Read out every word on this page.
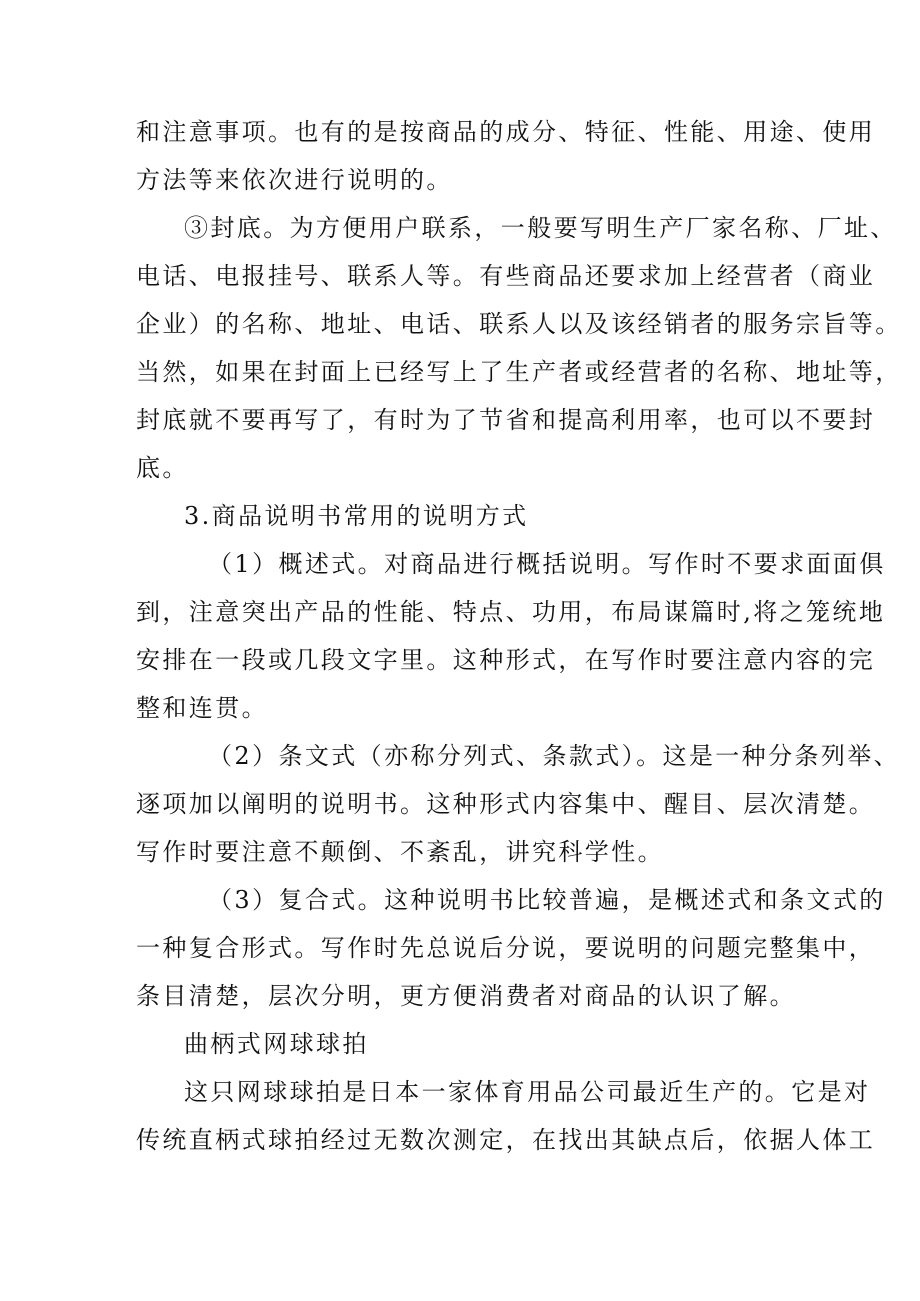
和注意事项。也有的是按商品的成分、特征、性能、用途、使用
方法等来依次进行说明的。
③封底。为方便用户联系，一般要写明生产厂家名称、厂址、
电话、电报挂号、联系人等。有些商品还要求加上经营者（商业
企业）的名称、地址、电话、联系人以及该经销者的服务宗旨等。
当然，如果在封面上已经写上了生产者或经营者的名称、地址等，
封底就不要再写了，有时为了节省和提高利用率，也可以不要封
底。
3.商品说明书常用的说明方式
（1）概述式。对商品进行概括说明。写作时不要求面面俱
到，注意突出产品的性能、特点、功用，布局谋篇时,将之笼统地
安排在一段或几段文字里。这种形式，在写作时要注意内容的完
整和连贯。
（2）条文式（亦称分列式、条款式）。这是一种分条列举、
逐项加以阐明的说明书。这种形式内容集中、醒目、层次清楚。
写作时要注意不颠倒、不紊乱，讲究科学性。
（3）复合式。这种说明书比较普遍，是概述式和条文式的
一种复合形式。写作时先总说后分说，要说明的问题完整集中，
条目清楚，层次分明，更方便消费者对商品的认识了解。
曲柄式网球球拍
这只网球球拍是日本一家体育用品公司最近生产的。它是对
传统直柄式球拍经过无数次测定，在找出其缺点后，依据人体工
